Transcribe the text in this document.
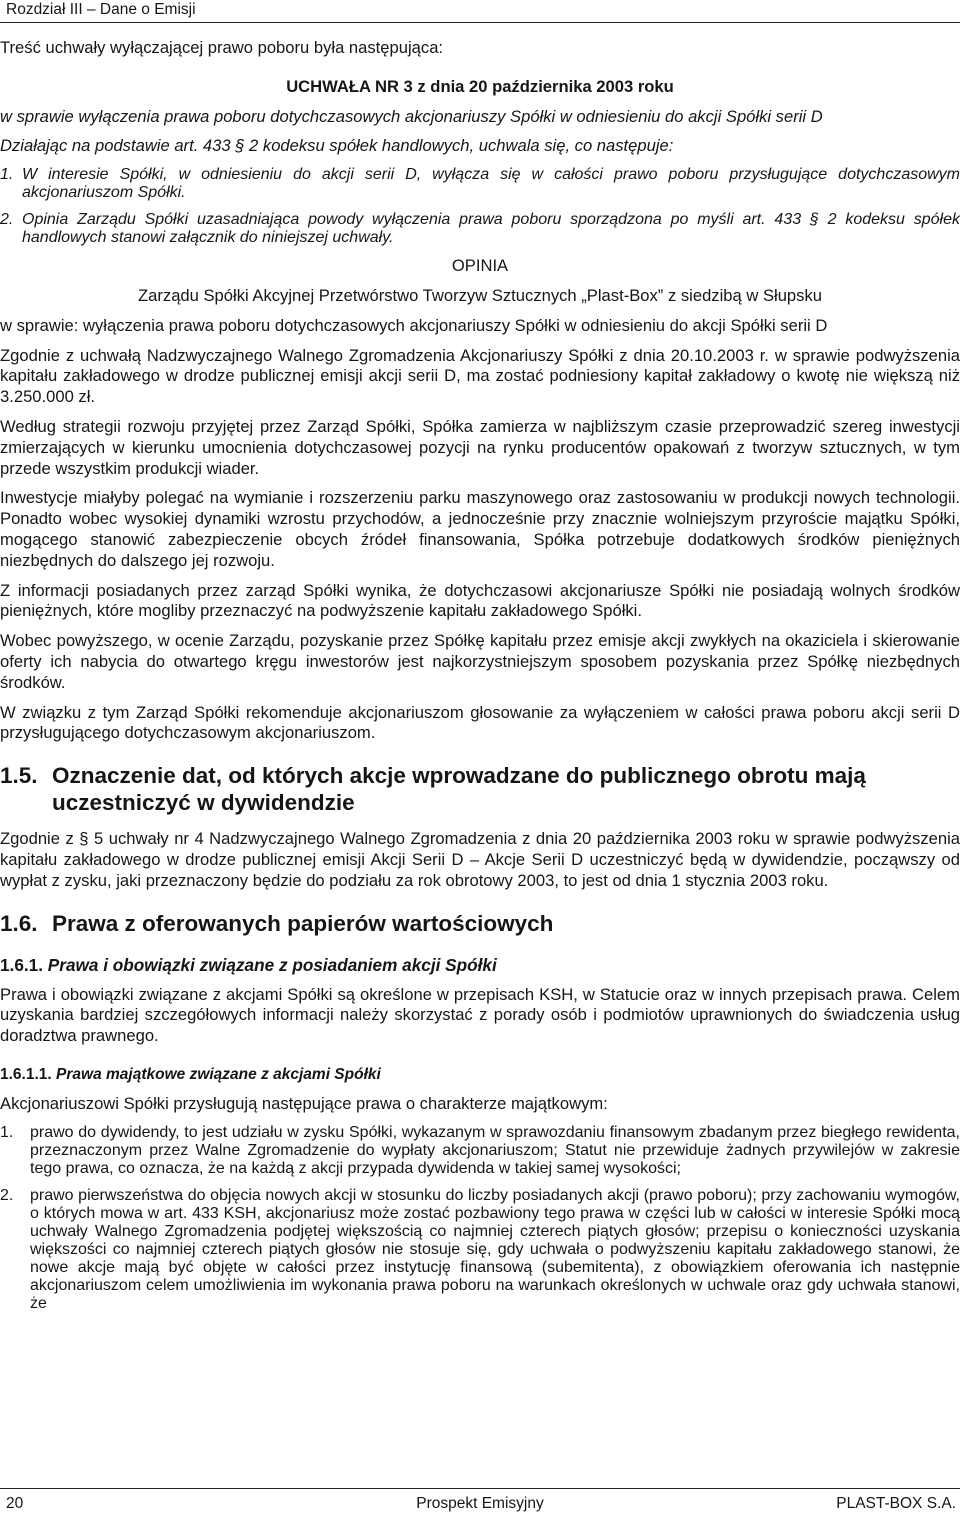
Rozdział III – Dane o Emisji

Treść uchwały wyłączającej prawo poboru była następująca:

UCHWAŁA NR 3 z dnia 20 października 2003 roku

w sprawie wyłączenia prawa poboru dotychczasowych akcjonariuszy Spółki w odniesieniu do akcji Spółki serii D

Działając na podstawie art. 433 § 2 kodeksu spółek handlowych, uchwala się, co następuje:

1. W interesie Spółki, w odniesieniu do akcji serii D, wyłącza się w całości prawo poboru przysługujące dotychczasowym akcjonariuszom Spółki.
2. Opinia Zarządu Spółki uzasadniająca powody wyłączenia prawa poboru sporządzona po myśli art. 433 § 2 kodeksu spółek handlowych stanowi załącznik do niniejszej uchwały.

OPINIA

Zarządu Spółki Akcyjnej Przetwórstwo Tworzyw Sztucznych „Plast-Box” z siedzibą w Słupsku

w sprawie: wyłączenia prawa poboru dotychczasowych akcjonariuszy Spółki w odniesieniu do akcji Spółki serii D

Zgodnie z uchwałą Nadzwyczajnego Walnego Zgromadzenia Akcjonariuszy Spółki z dnia 20.10.2003 r. w sprawie podwyższenia kapitału zakładowego w drodze publicznej emisji akcji serii D, ma zostać podniesiony kapitał zakładowy o kwotę nie większą niż 3.250.000 zł.

Według strategii rozwoju przyjętej przez Zarząd Spółki, Spółka zamierza w najbliższym czasie przeprowadzić szereg inwestycji zmierzających w kierunku umocnienia dotychczasowej pozycji na rynku producentów opakowań z tworzyw sztucznych, w tym przede wszystkim produkcji wiader.

Inwestycje miałyby polegać na wymianie i rozszerzeniu parku maszynowego oraz zastosowaniu w produkcji nowych technologii. Ponadto wobec wysokiej dynamiki wzrostu przychodów, a jednocześnie przy znacznie wolniejszym przyroście majątku Spółki, mogącego stanowić zabezpieczenie obcych źródeł finansowania, Spółka potrzebuje dodatkowych środków pieniężnych niezbędnych do dalszego jej rozwoju.

Z informacji posiadanych przez zarząd Spółki wynika, że dotychczasowi akcjonariusze Spółki nie posiadają wolnych środków pieniężnych, które mogliby przeznaczyć na podwyższenie kapitału zakładowego Spółki.

Wobec powyższego, w ocenie Zarządu, pozyskanie przez Spółkę kapitału przez emisje akcji zwykłych na okaziciela i skierowanie oferty ich nabycia do otwartego kręgu inwestorów jest najkorzystniejszym sposobem pozyskania przez Spółkę niezbędnych środków.

W związku z tym Zarząd Spółki rekomenduje akcjonariuszom głosowanie za wyłączeniem w całości prawa poboru akcji serii D przysługującego dotychczasowym akcjonariuszom.

1.5. Oznaczenie dat, od których akcje wprowadzane do publicznego obrotu mają uczestniczyć w dywidendzie

Zgodnie z § 5 uchwały nr 4 Nadzwyczajnego Walnego Zgromadzenia z dnia 20 października 2003 roku w sprawie podwyższenia kapitału zakładowego w drodze publicznej emisji Akcji Serii D – Akcje Serii D uczestniczyć będą w dywidendzie, począwszy od wypłat z zysku, jaki przeznaczony będzie do podziału za rok obrotowy 2003, to jest od dnia 1 stycznia 2003 roku.

1.6. Prawa z oferowanych papierów wartościowych
1.6.1. Prawa i obowiązki związane z posiadaniem akcji Spółki

Prawa i obowiązki związane z akcjami Spółki są określone w przepisach KSH, w Statucie oraz w innych przepisach prawa. Celem uzyskania bardziej szczegółowych informacji należy skorzystać z porady osób i podmiotów uprawnionych do świadczenia usług doradztwa prawnego.

1.6.1.1. Prawa majątkowe związane z akcjami Spółki

Akcjonariuszowi Spółki przysługują następujące prawa o charakterze majątkowym:

1.	prawo do dywidendy, to jest udziału w zysku Spółki, wykazanym w sprawozdaniu finansowym zbadanym przez biegłego rewidenta, przeznaczonym przez Walne Zgromadzenie do wypłaty akcjonariuszom; Statut nie przewiduje żadnych przywilejów w zakresie tego prawa, co oznacza, że na każdą z akcji przypada dywidenda w takiej samej wysokości;
2.	prawo pierwszeństwa do objęcia nowych akcji w stosunku do liczby posiadanych akcji (prawo poboru); przy zachowaniu wymogów, o których mowa w art. 433 KSH, akcjonariusz może zostać pozbawiony tego prawa w części lub w całości w interesie Spółki mocą uchwały Walnego Zgromadzenia podjętej większością co najmniej czterech piątych głosów; przepisu o konieczności uzyskania większości co najmniej czterech piątych głosów nie stosuje się, gdy uchwała o podwyższeniu kapitału zakładowego stanowi, że nowe akcje mają być objęte w całości przez instytucję finansową (subemitenta), z obowiązkiem oferowania ich następnie akcjonariuszom celem umożliwienia im wykonania prawa poboru na warunkach określonych w uchwale oraz gdy uchwała stanowi, że
20	Prospekt Emisyjny	PLAST-BOX S.A.
